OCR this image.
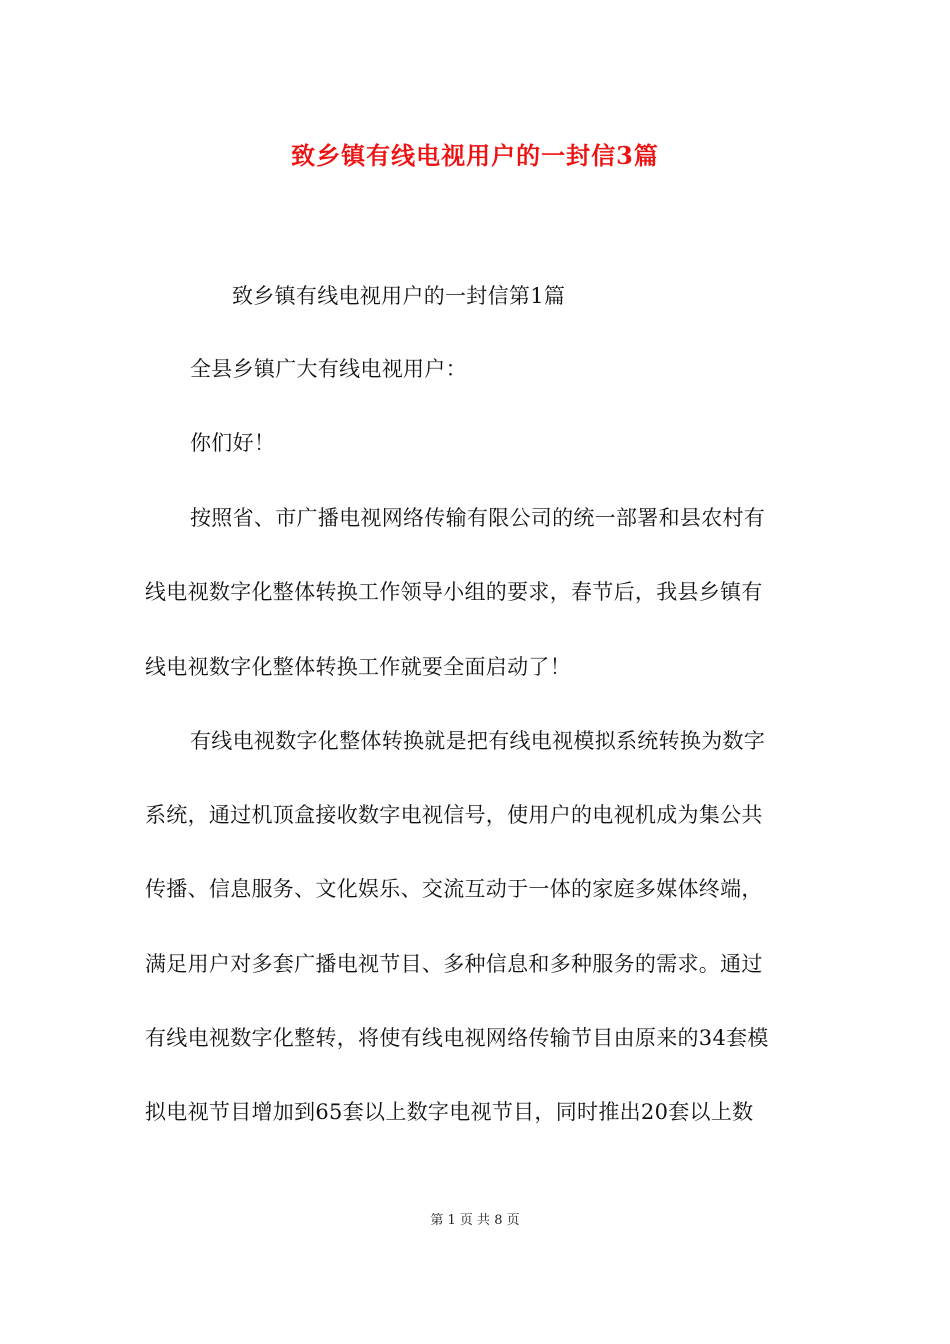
致乡镇有线电视用户的一封信3篇
致乡镇有线电视用户的一封信第1篇
全县乡镇广大有线电视用户：
你们好！
按照省、市广播电视网络传输有限公司的统一部署和县农村有
线电视数字化整体转换工作领导小组的要求，春节后，我县乡镇有
线电视数字化整体转换工作就要全面启动了！
有线电视数字化整体转换就是把有线电视模拟系统转换为数字
系统，通过机顶盒接收数字电视信号，使用户的电视机成为集公共
传播、信息服务、文化娱乐、交流互动于一体的家庭多媒体终端，
满足用户对多套广播电视节目、多种信息和多种服务的需求。通过
有线电视数字化整转，将使有线电视网络传输节目由原来的34套模
拟电视节目增加到65套以上数字电视节目，同时推出20套以上数
第 1 页 共 8 页
